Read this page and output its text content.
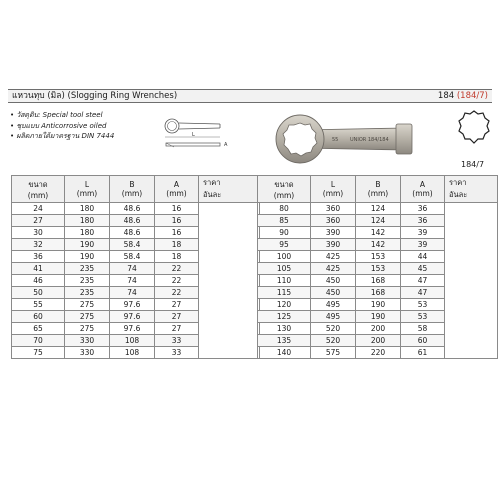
แหวนทุบ (มิล) (Slogging Ring Wrenches)	184 (184/7)
• วัสดุดิบ: Special tool steel
• ชุบแบบ Anticorrosive oiled
• ผลิตภายใต้มาตรฐาน DIN 7444	L
A
55 UNIOR 184/184
184/7
ขนาด
(mm)	L
(mm)	B
(mm)	A
(mm)	ราคา
อันละ
24	180	48.6	16	
27	180	48.6	16	
30	180	48.6	16	
32	190	58.4	18	
36	190	58.4	18	
41	235	74	22	
46	235	74	22	
50	235	74	22	
55	275	97.6	27	
60	275	97.6	27	
65	275	97.6	27	
70	330	108	33	
75	330	108	33	
ขนาด
(mm)	L
(mm)	B
(mm)	A
(mm)	ราคา
อันละ
80	360	124	36	
85	360	124	36	
90	390	142	39	
95	390	142	39	
100	425	153	44	
105	425	153	45	
110	450	168	47	
115	450	168	47	
120	495	190	53	
125	495	190	53	
130	520	200	58	
135	520	200	60	
140	575	220	61	
